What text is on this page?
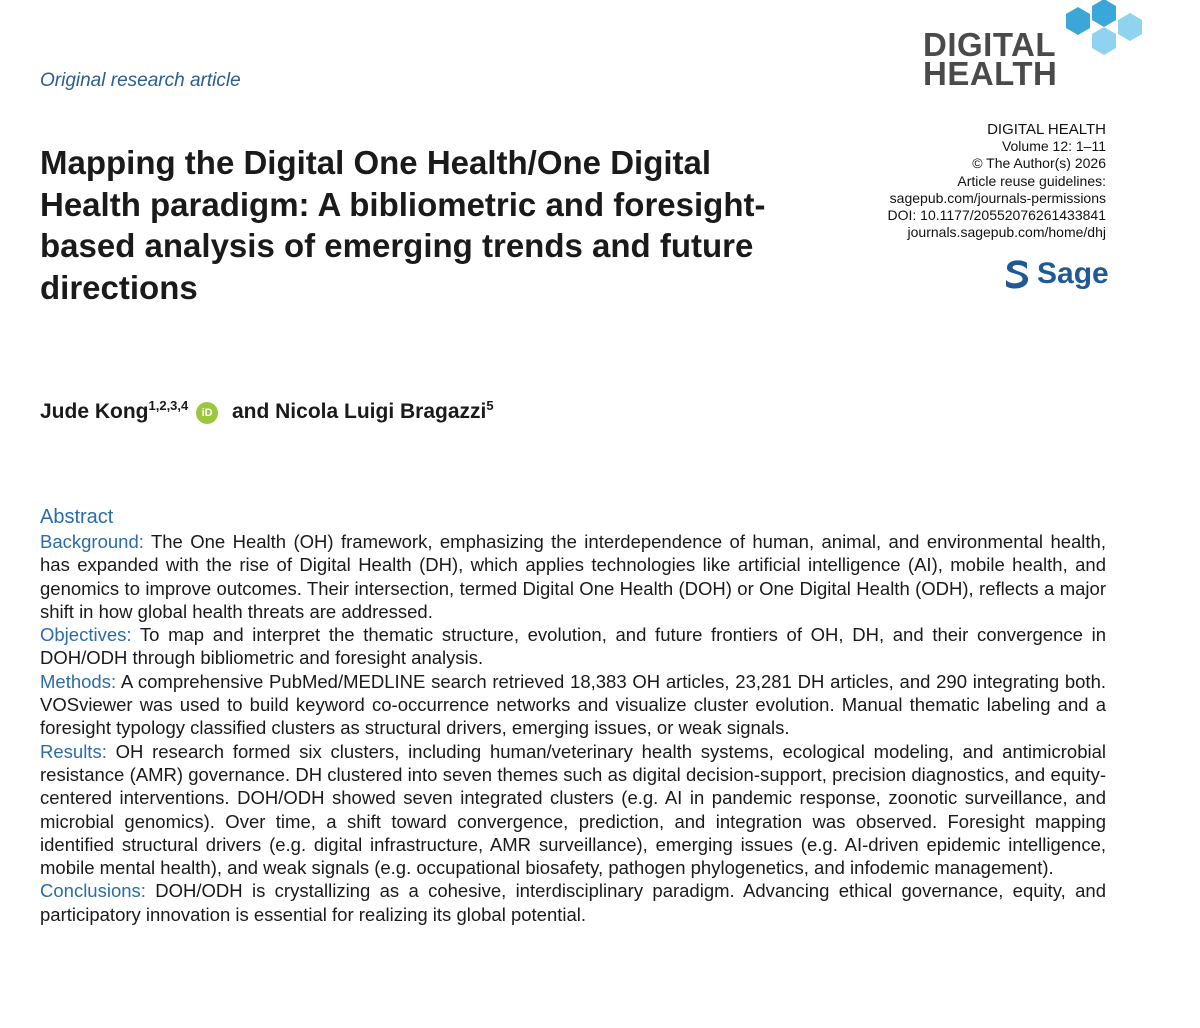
Original research article
DIGITAL
HEALTH
DIGITAL HEALTH
Volume 12: 1–11
© The Author(s) 2026
Article reuse guidelines:
sagepub.com/journals-permissions
DOI: 10.1177/20552076261433841
journals.sagepub.com/home/dhj
Sage
Mapping the Digital One Health/One Digital Health paradigm: A bibliometric and foresight-based analysis of emerging trends and future directions
Jude Kong$^{1,2,3,4}$ iD and Nicola Luigi Bragazzi$^5$
Abstract

Background: The One Health (OH) framework, emphasizing the interdependence of human, animal, and environmental health, has expanded with the rise of Digital Health (DH), which applies technologies like artificial intelligence (AI), mobile health, and genomics to improve outcomes. Their intersection, termed Digital One Health (DOH) or One Digital Health (ODH), reflects a major shift in how global health threats are addressed.

Objectives: To map and interpret the thematic structure, evolution, and future frontiers of OH, DH, and their convergence in DOH/ODH through bibliometric and foresight analysis.

Methods: A comprehensive PubMed/MEDLINE search retrieved 18,383 OH articles, 23,281 DH articles, and 290 integrating both. VOSviewer was used to build keyword co-occurrence networks and visualize cluster evolution. Manual thematic labeling and a foresight typology classified clusters as structural drivers, emerging issues, or weak signals.

Results: OH research formed six clusters, including human/veterinary health systems, ecological modeling, and antimicrobial resistance (AMR) governance. DH clustered into seven themes such as digital decision-support, precision diagnostics, and equity-centered interventions. DOH/ODH showed seven integrated clusters (e.g. AI in pandemic response, zoonotic surveillance, and microbial genomics). Over time, a shift toward convergence, prediction, and integration was observed. Foresight mapping identified structural drivers (e.g. digital infrastructure, AMR surveillance), emerging issues (e.g. AI-driven epidemic intelligence, mobile mental health), and weak signals (e.g. occupational biosafety, pathogen phylogenetics, and infodemic management).

Conclusions: DOH/ODH is crystallizing as a cohesive, interdisciplinary paradigm. Advancing ethical governance, equity, and participatory innovation is essential for realizing its global potential.
